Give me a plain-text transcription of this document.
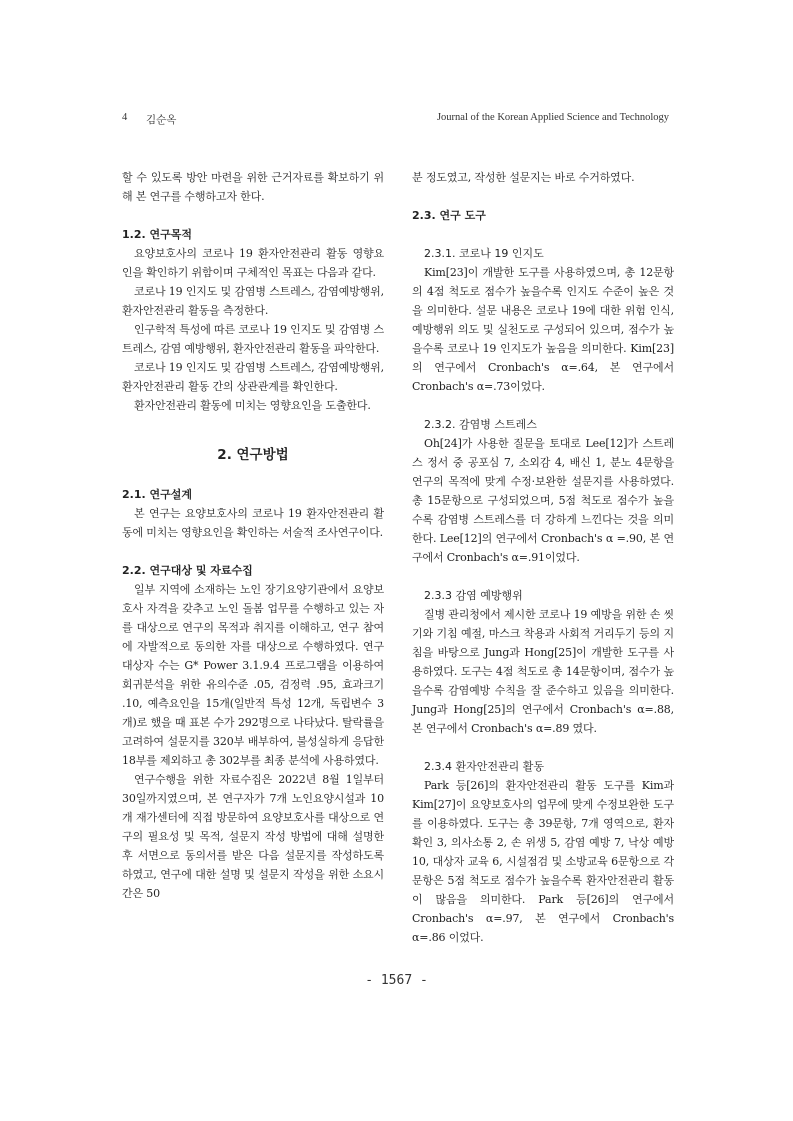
4 김순옥	Journal of the Korean Applied Science and Technology

할 수 있도록 방안 마련을 위한 근거자료를 확보하기 위해 본 연구를 수행하고자 한다.

1.2. 연구목적

요양보호사의 코로나 19 환자안전관리 활동 영향요인을 확인하기 위함이며 구체적인 목표는 다음과 같다.

코로나 19 인지도 및 감염병 스트레스, 감염예방행위, 환자안전관리 활동을 측정한다.

인구학적 특성에 따른 코로나 19 인지도 및 감염병 스트레스, 감염 예방행위, 환자안전관리 활동을 파악한다.

코로나 19 인지도 및 감염병 스트레스, 감염예방행위, 환자안전관리 활동 간의 상관관계를 확인한다.

환자안전관리 활동에 미치는 영향요인을 도출한다.

2. 연구방법

2.1. 연구설계

본 연구는 요양보호사의 코로나 19 환자안전관리 활동에 미치는 영향요인을 확인하는 서술적 조사연구이다.

2.2. 연구대상 및 자료수집

일부 지역에 소재하는 노인 장기요양기관에서 요양보호사 자격을 갖추고 노인 돌봄 업무를 수행하고 있는 자를 대상으로 연구의 목적과 취지를 이해하고, 연구 참여에 자발적으로 동의한 자를 대상으로 수행하였다. 연구대상자 수는 G* Power 3.1.9.4 프로그램을 이용하여 회귀분석을 위한 유의수준 .05, 검정력 .95, 효과크기 .10, 예측요인을 15개(일반적 특성 12개, 독립변수 3개)로 했을 때 표본 수가 292명으로 나타났다. 탈락률을 고려하여 설문지를 320부 배부하여, 불성실하게 응답한 18부를 제외하고 총 302부를 최종 분석에 사용하였다.

연구수행을 위한 자료수집은 2022년 8월 1일부터 30일까지였으며, 본 연구자가 7개 노인요양시설과 10개 재가센터에 직접 방문하여 요양보호사를 대상으로 연구의 필요성 및 목적, 설문지 작성 방법에 대해 설명한 후 서면으로 동의서를 받은 다음 설문지를 작성하도록 하였고, 연구에 대한 설명 및 설문지 작성을 위한 소요시간은 50

분 정도였고, 작성한 설문지는 바로 수거하였다.

2.3. 연구 도구

2.3.1. 코로나 19 인지도

Kim[23]이 개발한 도구를 사용하였으며, 총 12문항의 4점 척도로 점수가 높을수록 인지도 수준이 높은 것을 의미한다. 설문 내용은 코로나 19에 대한 위험 인식, 예방행위 의도 및 실천도로 구성되어 있으며, 점수가 높을수록 코로나 19 인지도가 높음을 의미한다. Kim[23]의 연구에서 Cronbach's α=.64, 본 연구에서 Cronbach's α=.73이었다.

2.3.2. 감염병 스트레스

Oh[24]가 사용한 질문을 토대로 Lee[12]가 스트레스 정서 중 공포심 7, 소외감 4, 배신 1, 분노 4문항을 연구의 목적에 맞게 수정·보완한 설문지를 사용하였다. 총 15문항으로 구성되었으며, 5점 척도로 점수가 높을수록 감염병 스트레스를 더 강하게 느낀다는 것을 의미한다. Lee[12]의 연구에서 Cronbach's α =.90, 본 연구에서 Cronbach's α=.91이었다.

2.3.3 감염 예방행위

질병 관리청에서 제시한 코로나 19 예방을 위한 손 씻기와 기침 예절, 마스크 착용과 사회적 거리두기 등의 지침을 바탕으로 Jung과 Hong[25]이 개발한 도구를 사용하였다. 도구는 4점 척도로 총 14문항이며, 점수가 높을수록 감염예방 수칙을 잘 준수하고 있음을 의미한다. Jung과 Hong[25]의 연구에서 Cronbach's α=.88, 본 연구에서 Cronbach's α=.89 였다.

2.3.4 환자안전관리 활동

Park 등[26]의 환자안전관리 활동 도구를 Kim과 Kim[27]이 요양보호사의 업무에 맞게 수정보완한 도구를 이용하였다. 도구는 총 39문항, 7개 영역으로, 환자확인 3, 의사소통 2, 손 위생 5, 감염 예방 7, 낙상 예방 10, 대상자 교육 6, 시설점검 및 소방교육 6문항으로 각 문항은 5점 척도로 점수가 높을수록 환자안전관리 활동이 많음을 의미한다. Park 등[26]의 연구에서 Cronbach's α=.97, 본 연구에서 Cronbach's α=.86 이었다.

- 1567 -
